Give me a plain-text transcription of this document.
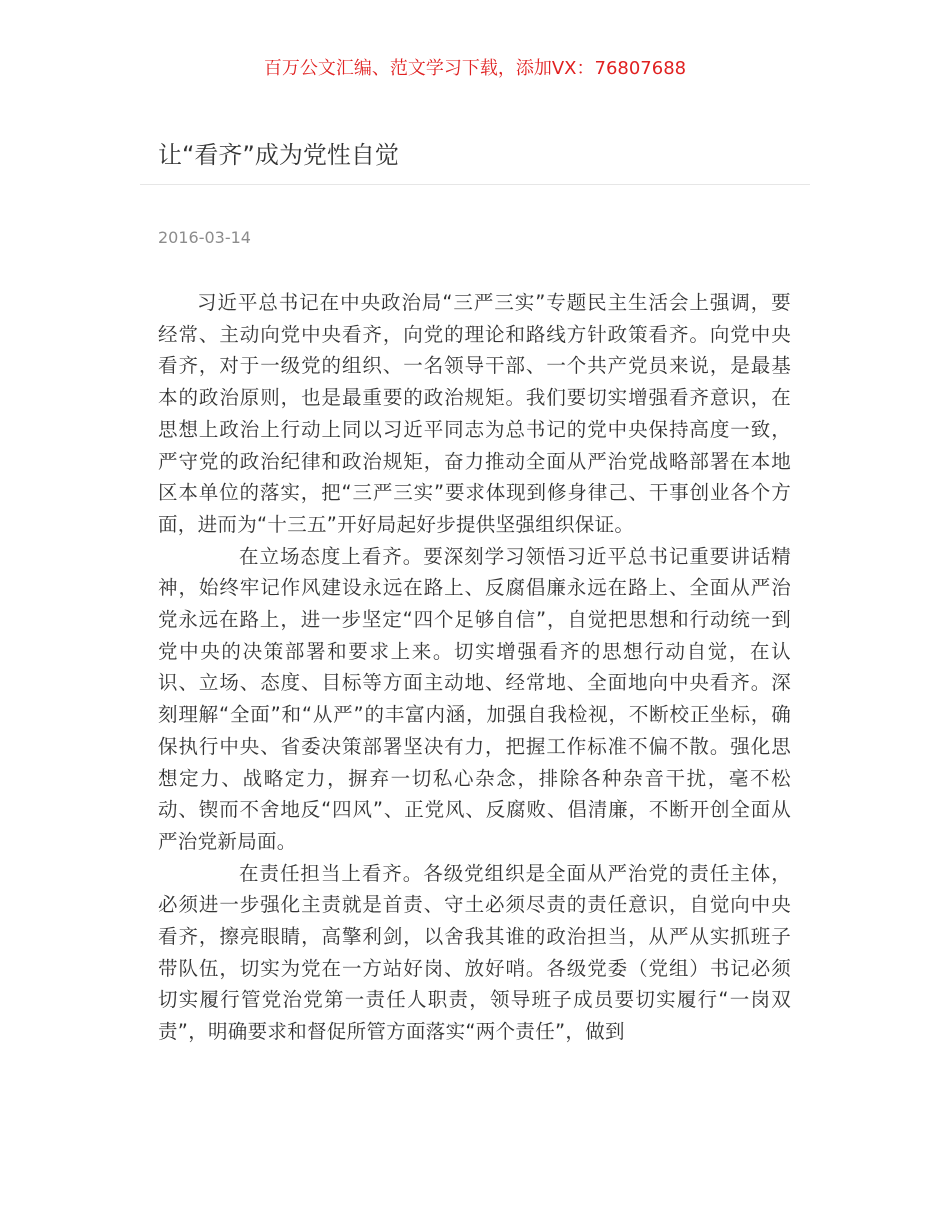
百万公文汇编、范文学习下载，添加VX：76807688
让“看齐”成为党性自觉
2016-03-14

习近平总书记在中央政治局“三严三实”专题民主生活会上强调，要经常、主动向党中央看齐，向党的理论和路线方针政策看齐。向党中央看齐，对于一级党的组织、一名领导干部、一个共产党员来说，是最基本的政治原则，也是最重要的政治规矩。我们要切实增强看齐意识，在思想上政治上行动上同以习近平同志为总书记的党中央保持高度一致，严守党的政治纪律和政治规矩，奋力推动全面从严治党战略部署在本地区本单位的落实，把“三严三实”要求体现到修身律己、干事创业各个方面，进而为“十三五”开好局起好步提供坚强组织保证。

在立场态度上看齐。要深刻学习领悟习近平总书记重要讲话精神，始终牢记作风建设永远在路上、反腐倡廉永远在路上、全面从严治党永远在路上，进一步坚定“四个足够自信”，自觉把思想和行动统一到党中央的决策部署和要求上来。切实增强看齐的思想行动自觉，在认识、立场、态度、目标等方面主动地、经常地、全面地向中央看齐。深刻理解“全面”和“从严”的丰富内涵，加强自我检视，不断校正坐标，确保执行中央、省委决策部署坚决有力，把握工作标准不偏不散。强化思想定力、战略定力，摒弃一切私心杂念，排除各种杂音干扰，毫不松动、锲而不舍地反“四风”、正党风、反腐败、倡清廉，不断开创全面从严治党新局面。

在责任担当上看齐。各级党组织是全面从严治党的责任主体，必须进一步强化主责就是首责、守土必须尽责的责任意识，自觉向中央看齐，擦亮眼睛，高擎利剑，以舍我其谁的政治担当，从严从实抓班子带队伍，切实为党在一方站好岗、放好哨。各级党委（党组）书记必须切实履行管党治党第一责任人职责，领导班子成员要切实履行“一岗双责”，明确要求和督促所管方面落实“两个责任”，做到
